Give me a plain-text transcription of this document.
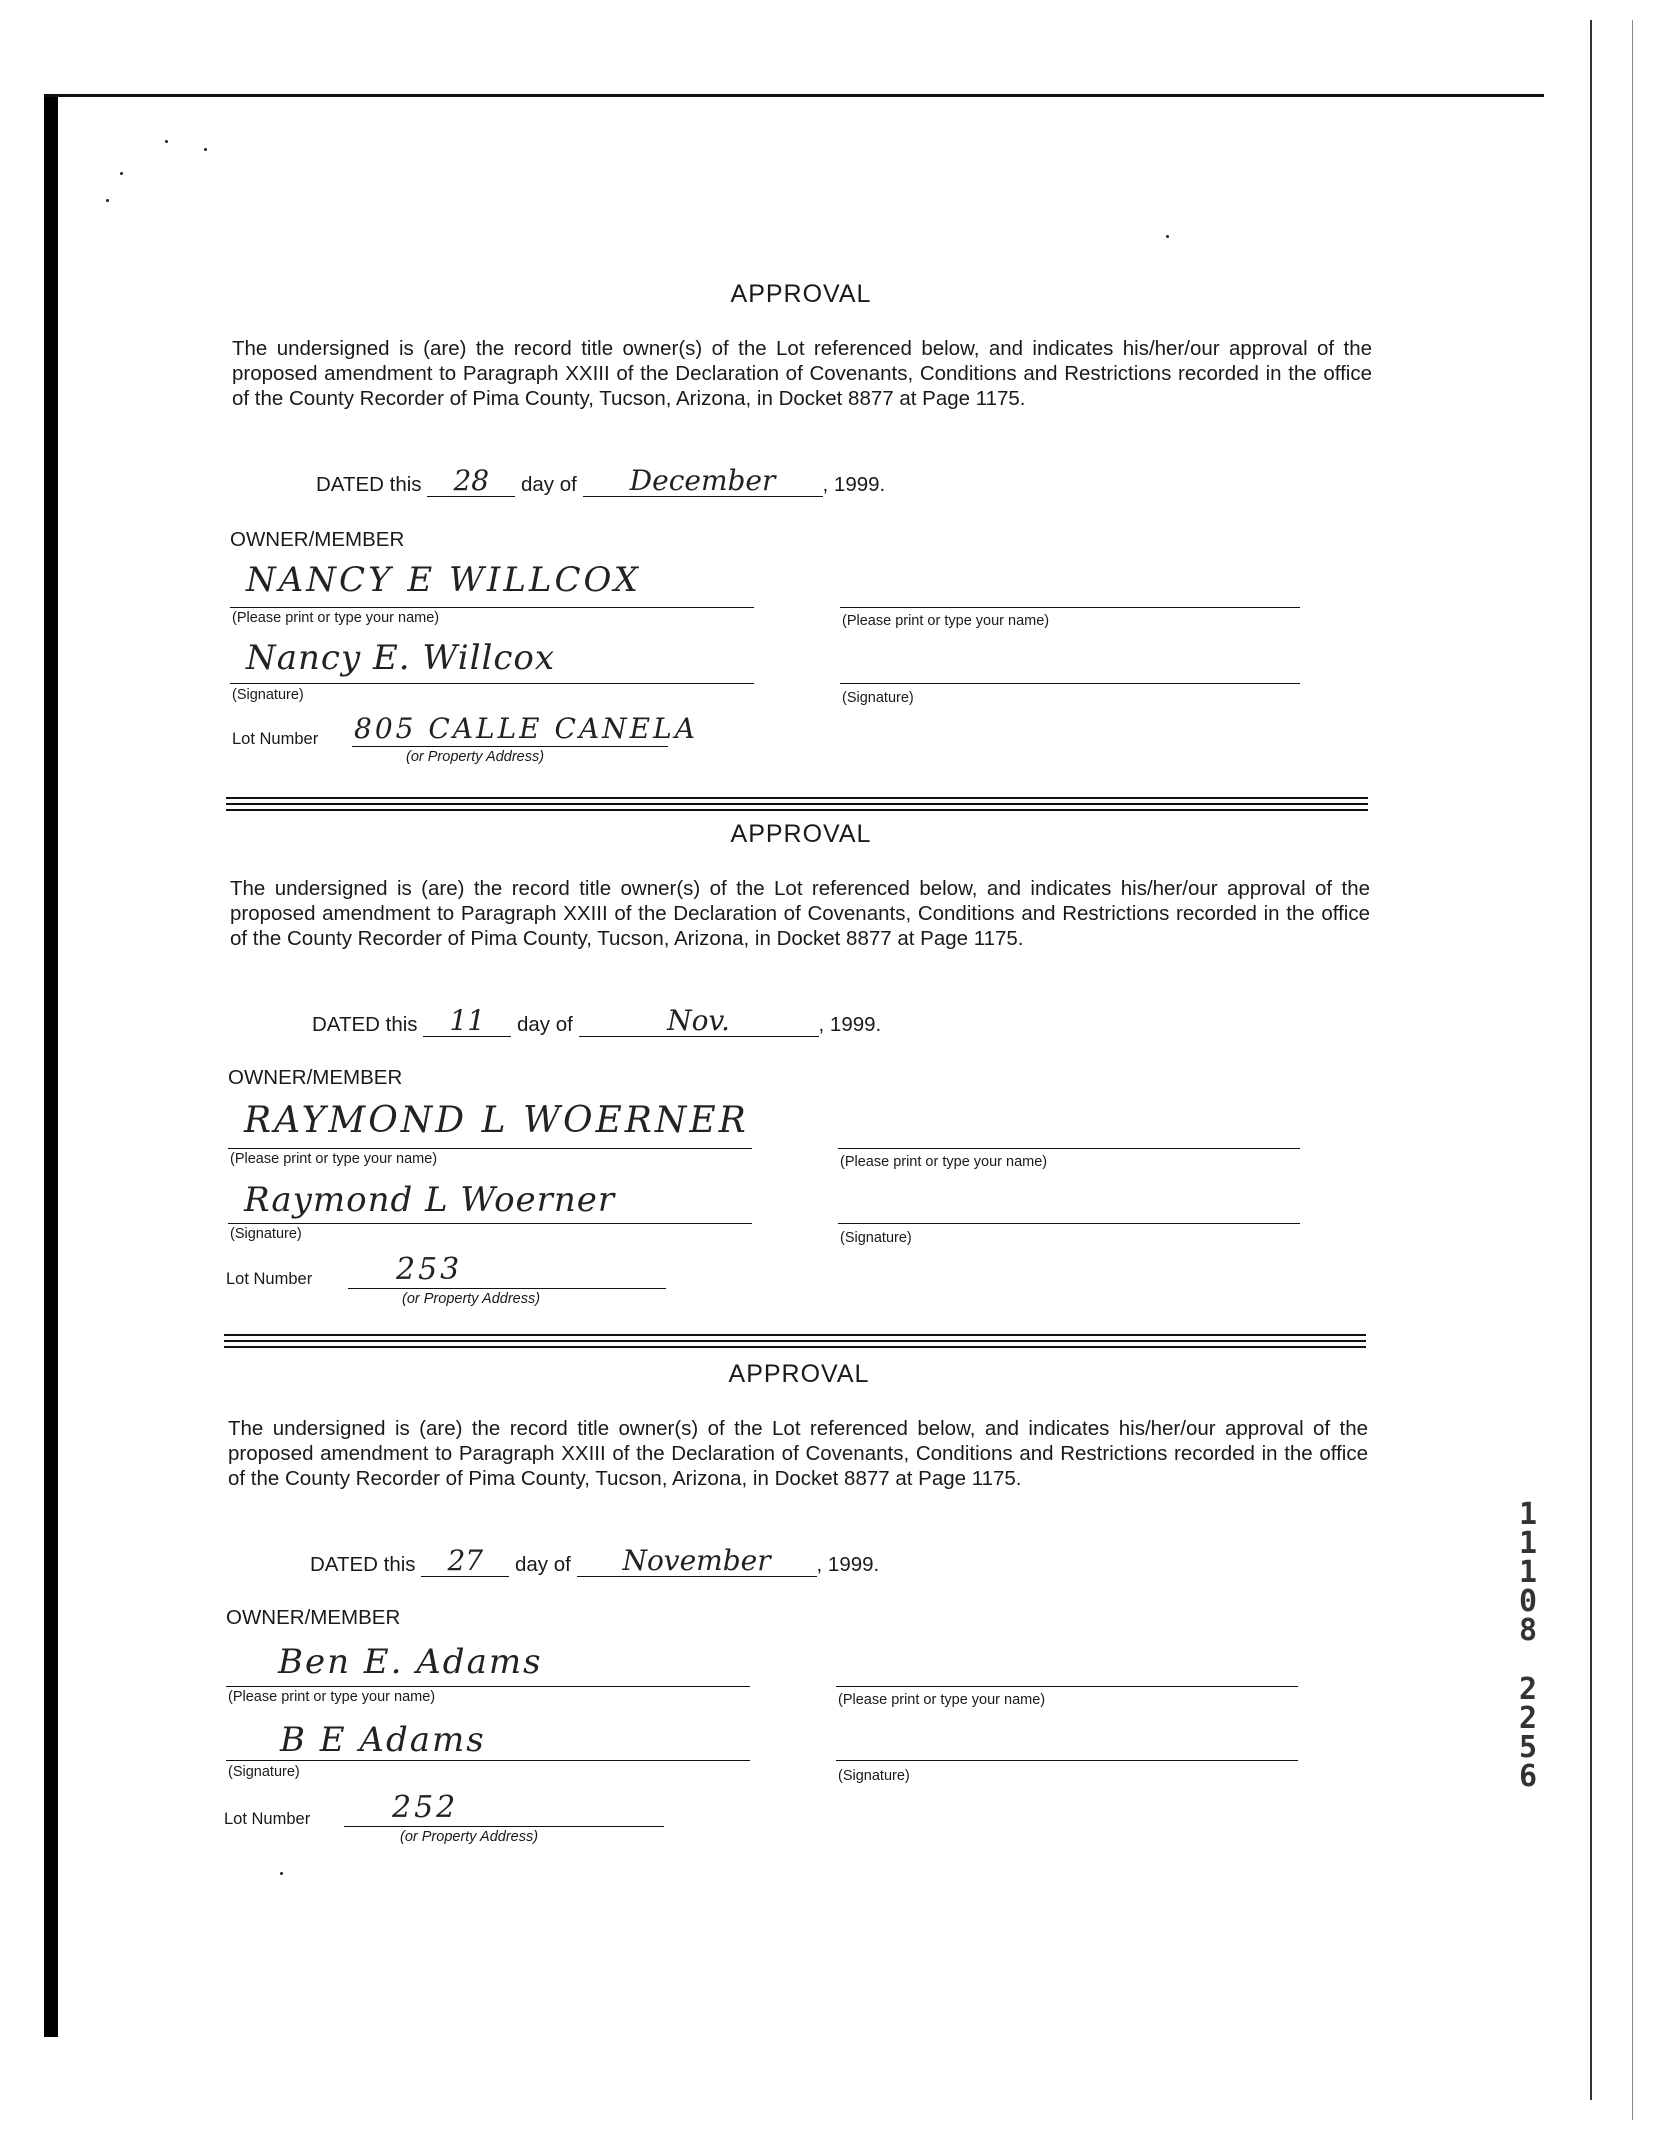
APPROVAL
The undersigned is (are) the record title owner(s) of the Lot referenced below, and indicates his/her/our approval of the proposed amendment to Paragraph XXIII of the Declaration of Covenants, Conditions and Restrictions recorded in the office of the County Recorder of Pima County, Tucson, Arizona, in Docket 8877 at Page 1175.
DATED this 28 day of December , 1999.
OWNER/MEMBER
NANCY E WILLCOX
(Please print or type your name)	(Please print or type your name)
Nancy E. Willcox
(Signature)	(Signature)
Lot Number 805 CALLE CANELA
(or Property Address)
APPROVAL
The undersigned is (are) the record title owner(s) of the Lot referenced below, and indicates his/her/our approval of the proposed amendment to Paragraph XXIII of the Declaration of Covenants, Conditions and Restrictions recorded in the office of the County Recorder of Pima County, Tucson, Arizona, in Docket 8877 at Page 1175.
DATED this 11 day of	Nov.	, 1999.
OWNER/MEMBER
RAYMOND L WOERNER
(Please print or type your name)	(Please print or type your name)
Raymond L Woerner
(Signature)	(Signature)
Lot Number	253
(or Property Address)
APPROVAL
The undersigned is (are) the record title owner(s) of the Lot referenced below, and indicates his/her/our approval of the proposed amendment to Paragraph XXIII of the Declaration of Covenants, Conditions and Restrictions recorded in the office of the County Recorder of Pima County, Tucson, Arizona, in Docket 8877 at Page 1175.
DATED this 27 day of November , 1999.
OWNER/MEMBER
Ben E. Adams
(Please print or type your name)	(Please print or type your name)
B E Adams
(Signature)	(Signature)
Lot Number	252
(or Property Address)
1
1
1
0
8
2
2
5
6
